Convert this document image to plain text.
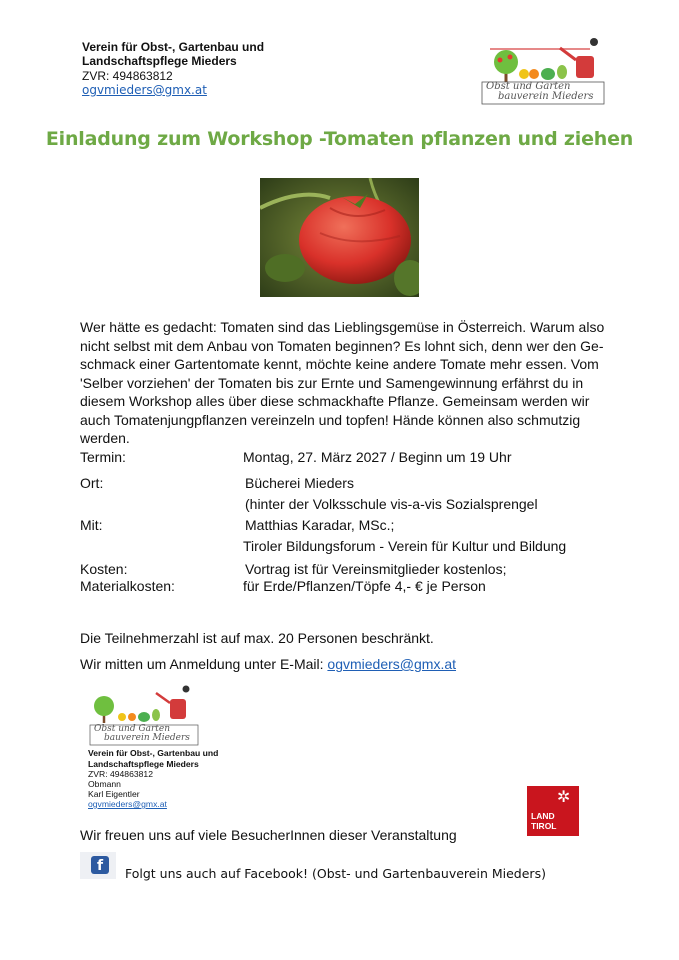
Verein für Obst-, Gartenbau und
Landschaftspflege Mieders
ZVR: 494863812
ogvmieders@gmx.at	Obst und Garten
bauverein Mieders
Einladung zum Workshop -Tomaten pflanzen und ziehen
Wer hätte es gedacht: Tomaten sind das Lieblingsgemüse in Österreich. Warum also
nicht selbst mit dem Anbau von Tomaten beginnen? Es lohnt sich, denn wer den Ge-
schmack einer Gartentomate kennt, möchte keine andere Tomate mehr essen. Vom
'Selber vorziehen' der Tomaten bis zur Ernte und Samengewinnung erfährst du in
diesem Workshop alles über diese schmackhafte Pflanze. Gemeinsam werden wir
auch Tomatenjungpflanzen vereinzeln und topfen! Hände können also schmutzig
werden.
Termin:	Montag, 27. März 2027 / Beginn um 19 Uhr
Ort:	Bücherei Mieders
(hinter der Volksschule vis-a-vis Sozialsprengel
Mit:	Matthias Karadar, MSc.;
Tiroler Bildungsforum - Verein für Kultur und Bildung
Kosten:	Vortrag ist für Vereinsmitglieder kostenlos;
Materialkosten:	für Erde/Pflanzen/Töpfe 4,- € je Person
Die Teilnehmerzahl ist auf max. 20 Personen beschränkt.
Wir mitten um Anmeldung unter E-Mail: ogvmieders@gmx.at
Obst und Garten
bauverein Mieders
Verein für Obst-, Gartenbau und
Landschaftspflege Mieders
ZVR: 494863812
Obmann
Karl Eigentler
ogvmieders@gmx.at	✲
LAND
TIROL
Wir freuen uns auf viele BesucherInnen dieser Veranstaltung
f	Folgt uns auch auf Facebook! (Obst- und Gartenbauverein Mieders)
